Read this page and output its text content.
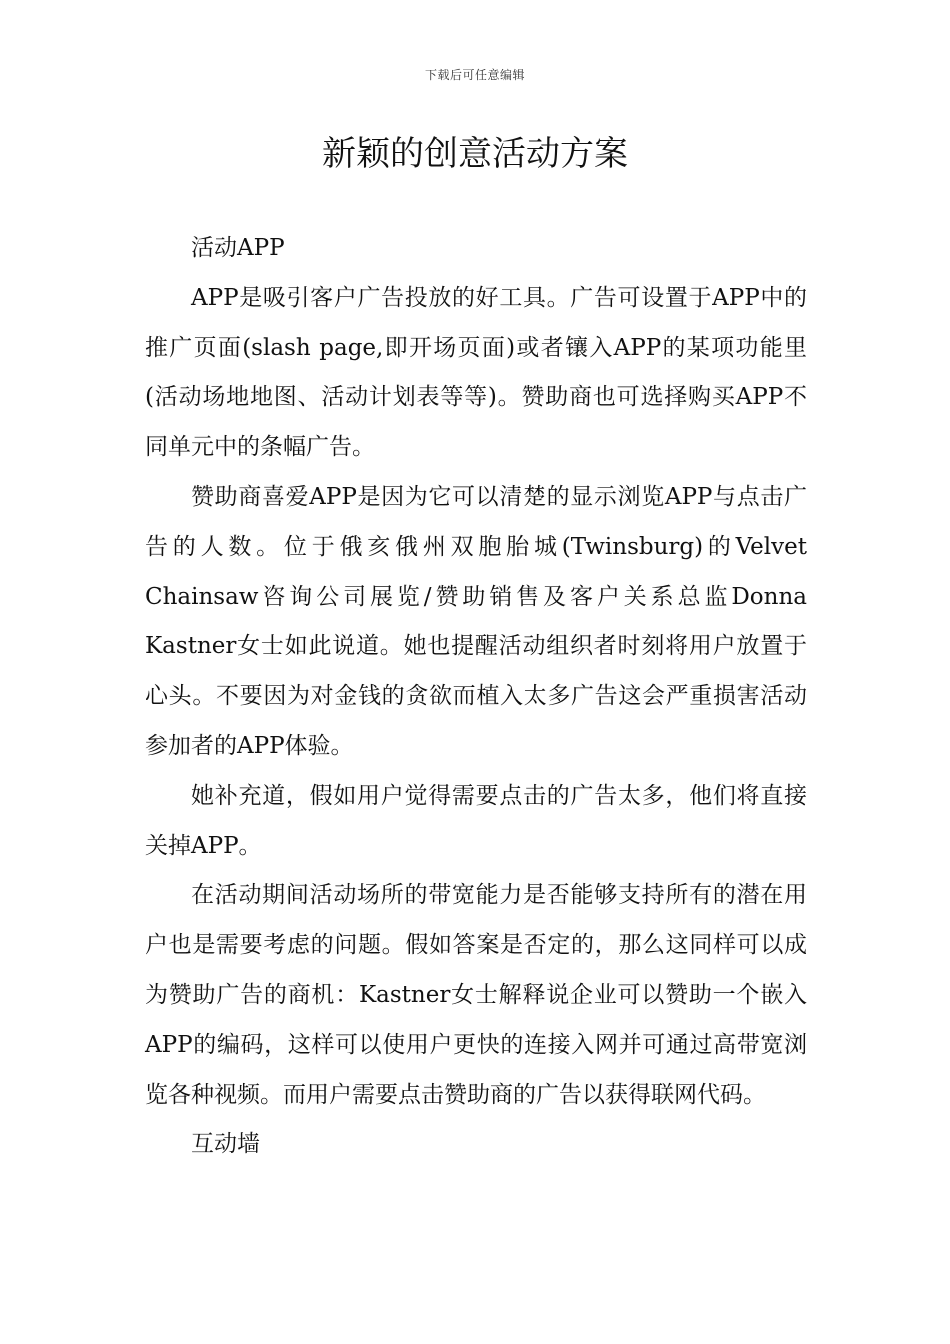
下载后可任意编辑
新颖的创意活动方案

活动APP

APP是吸引客户广告投放的好工具。广告可设置于APP中的推广页面(slash page,即开场页面)或者镶入APP的某项功能里(活动场地地图、活动计划表等等)。赞助商也可选择购买APP不同单元中的条幅广告。

赞助商喜爱APP是因为它可以清楚的显示浏览APP与点击广告的人数。位于俄亥俄州双胞胎城(Twinsburg)的Velvet Chainsaw咨询公司展览/赞助销售及客户关系总监Donna Kastner女士如此说道。她也提醒活动组织者时刻将用户放置于心头。不要因为对金钱的贪欲而植入太多广告这会严重损害活动参加者的APP体验。

她补充道，假如用户觉得需要点击的广告太多，他们将直接关掉APP。

在活动期间活动场所的带宽能力是否能够支持所有的潜在用户也是需要考虑的问题。假如答案是否定的，那么这同样可以成为赞助广告的商机：Kastner女士解释说企业可以赞助一个嵌入APP的编码，这样可以使用户更快的连接入网并可通过高带宽浏览各种视频。而用户需要点击赞助商的广告以获得联网代码。

互动墙
